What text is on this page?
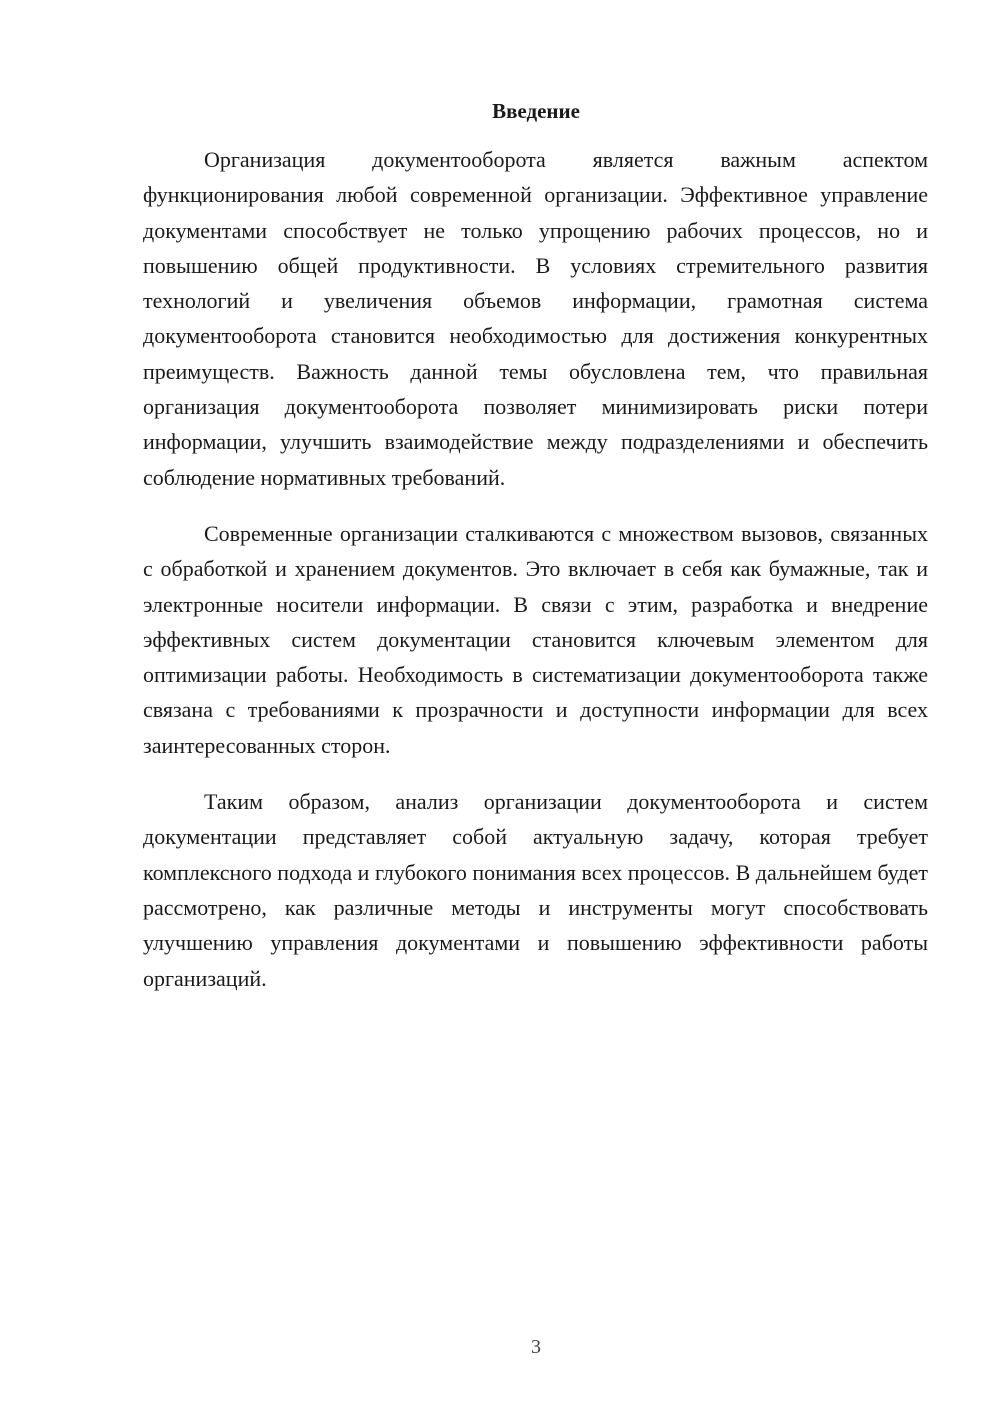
Введение

Организация документооборота является важным аспектом функционирования любой современной организации. Эффективное управление документами способствует не только упрощению рабочих процессов, но и повышению общей продуктивности. В условиях стремительного развития технологий и увеличения объемов информации, грамотная система документооборота становится необходимостью для достижения конкурентных преимуществ. Важность данной темы обусловлена тем, что правильная организация документооборота позволяет минимизировать риски потери информации, улучшить взаимодействие между подразделениями и обеспечить соблюдение нормативных требований.

Современные организации сталкиваются с множеством вызовов, связанных с обработкой и хранением документов. Это включает в себя как бумажные, так и электронные носители информации. В связи с этим, разработка и внедрение эффективных систем документации становится ключевым элементом для оптимизации работы. Необходимость в систематизации документооборота также связана с требованиями к прозрачности и доступности информации для всех заинтересованных сторон.

Таким образом, анализ организации документооборота и систем документации представляет собой актуальную задачу, которая требует комплексного подхода и глубокого понимания всех процессов. В дальнейшем будет рассмотрено, как различные методы и инструменты могут способствовать улучшению управления документами и повышению эффективности работы организаций.

3
